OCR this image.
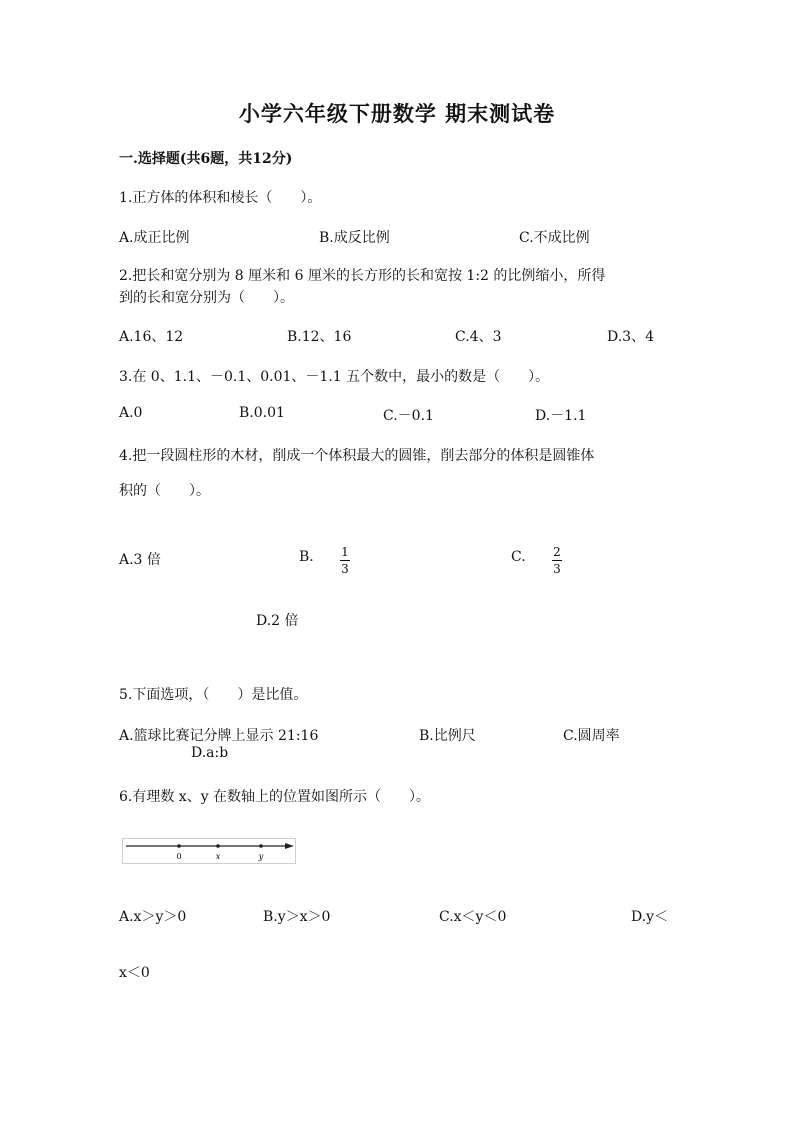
小学六年级下册数学 期末测试卷
一.选择题(共6题，共12分)
1.正方体的体积和棱长（　　）。
A.成正比例	B.成反比例	C.不成比例
2.把长和宽分别为 8 厘米和 6 厘米的长方形的长和宽按 1:2 的比例缩小，所得
到的长和宽分别为（　　）。
A.16、12	B.12、16	C.4、3	D.3、4
3.在 0、1.1、－0.1、0.01、－1.1 五个数中，最小的数是（　　）。
A.0	B.0.01	C.－0.1	D.－1.1
4.把一段圆柱形的木材，削成一个体积最大的圆锥，削去部分的体积是圆锥体
积的（　　）。
A.3 倍	B. 1
3
C. 2
3
D.2 倍
5.下面选项，（　　）是比值。
A.篮球比赛记分牌上显示 21:16	B.比例尺	C.圆周率
D.a:b
6.有理数 x、y 在数轴上的位置如图所示（　　）。
0	x	y
A.x＞y＞0	B.y＞x＞0	C.x＜y＜0	D.y＜
x＜0
